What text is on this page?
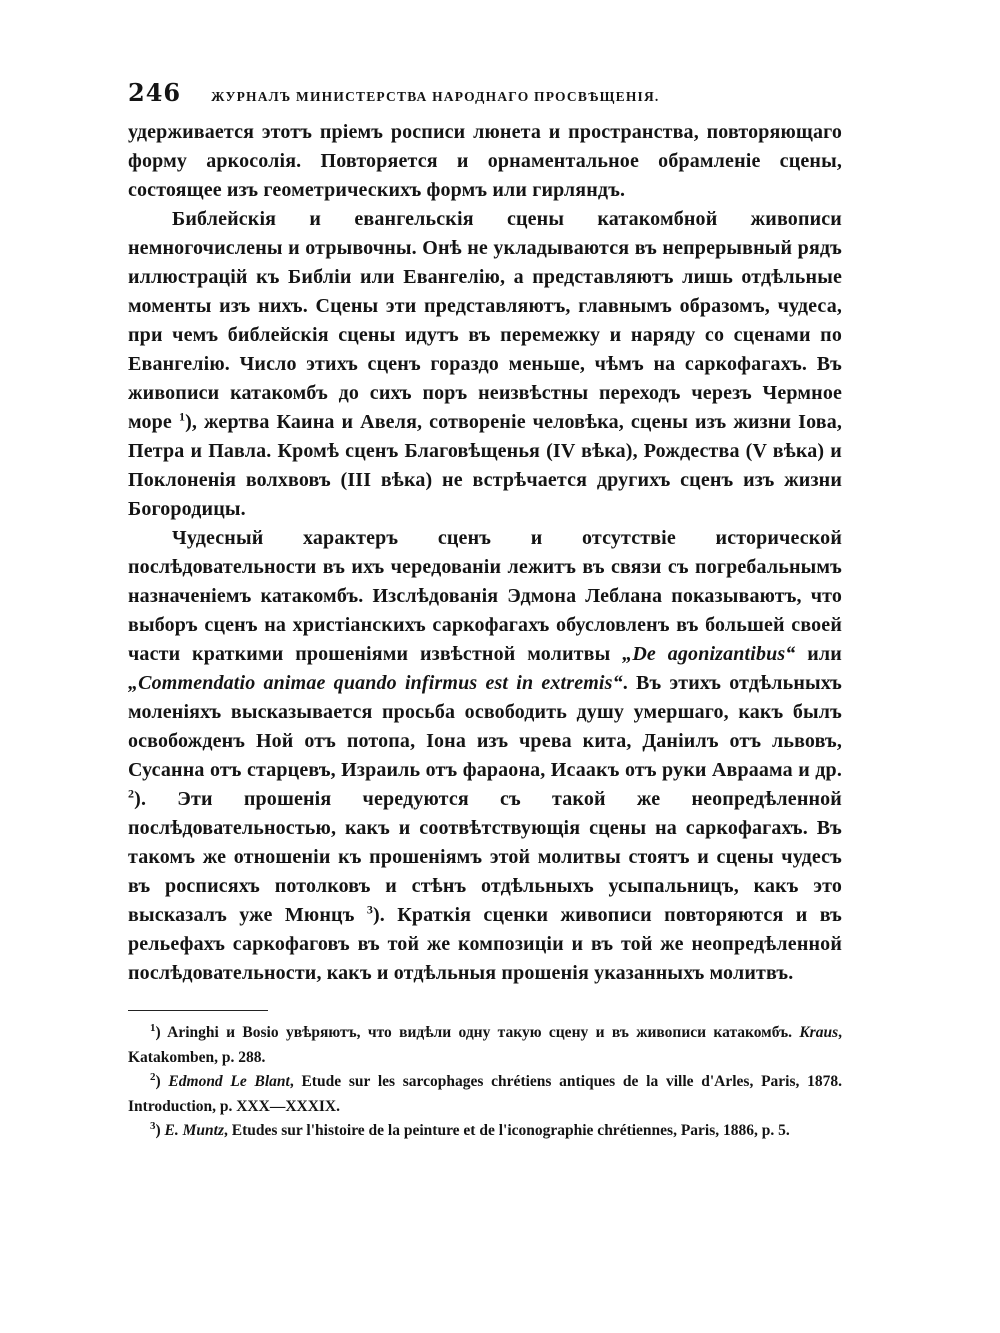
246 ЖУРНАЛЪ МИНИСТЕРСТВА НАРОДНАГО ПРОСВѢЩЕНІЯ.

удерживается этотъ пріемъ росписи люнета и пространства, повторяющаго форму аркосолія. Повторяется и орнаментальное обрамленіе сцены, состоящее изъ геометрическихъ формъ или гирляндъ.

Библейскія и евангельскія сцены катакомбной живописи немногочислены и отрывочны. Онѣ не укладываются въ непрерывный рядъ иллюстрацій къ Библіи или Евангелію, а представляютъ лишь отдѣльные моменты изъ нихъ. Сцены эти представляютъ, главнымъ образомъ, чудеса, при чемъ библейскія сцены идутъ въ перемежку и наряду со сценами по Евангелію. Число этихъ сценъ гораздо меньше, чѣмъ на саркофагахъ. Въ живописи катакомбъ до сихъ поръ неизвѣстны переходъ черезъ Чермное море $^1$), жертва Каина и Авеля, сотвореніе человѣка, сцены изъ жизни Іова, Петра и Павла. Кромѣ сценъ Благовѣщенья (IV вѣка), Рождества (V вѣка) и Поклоненія волхвовъ (III вѣка) не встрѣчается другихъ сценъ изъ жизни Богородицы.

Чудесный характеръ сценъ и отсутствіе исторической послѣдовательности въ ихъ чередованіи лежитъ въ связи съ погребальнымъ назначеніемъ катакомбъ. Изслѣдованія Эдмона Леблана показываютъ, что выборъ сценъ на христіанскихъ саркофагахъ обусловленъ въ большей своей части краткими прошеніями извѣстной молитвы „De agonizantibus“ или „Commendatio animae quando infirmus est in extremis“. Въ этихъ отдѣльныхъ моленіяхъ высказывается просьба освободить душу умершаго, какъ былъ освобожденъ Ной отъ потопа, Іона изъ чрева кита, Даніилъ отъ львовъ, Сусанна отъ старцевъ, Израиль отъ фараона, Исаакъ отъ руки Авраама и др. $^2$). Эти прошенія чередуются съ такой же неопредѣленной послѣдовательностью, какъ и соотвѣтствующія сцены на саркофагахъ. Въ такомъ же отношеніи къ прошеніямъ этой молитвы стоятъ и сцены чудесъ въ росписяхъ потолковъ и стѣнъ отдѣльныхъ усыпальницъ, какъ это высказалъ уже Мюнцъ $^3$). Краткія сценки живописи повторяются и въ рельефахъ саркофаговъ въ той же композиціи и въ той же неопредѣленной послѣдовательности, какъ и отдѣльныя прошенія указанныхъ молитвъ.

$^1$) Aringhi и Bosio увѣряютъ, что видѣли одну такую сцену и въ живописи катакомбъ. Kraus, Katakomben, p. 288.

$^2$) Edmond Le Blant, Etude sur les sarcophages chrétiens antiques de la ville d'Arles, Paris, 1878. Introduction, p. XXX—XXXIX.

$^3$) E. Muntz, Etudes sur l'histoire de la peinture et de l'iconographie chrétiennes, Paris, 1886, p. 5.
